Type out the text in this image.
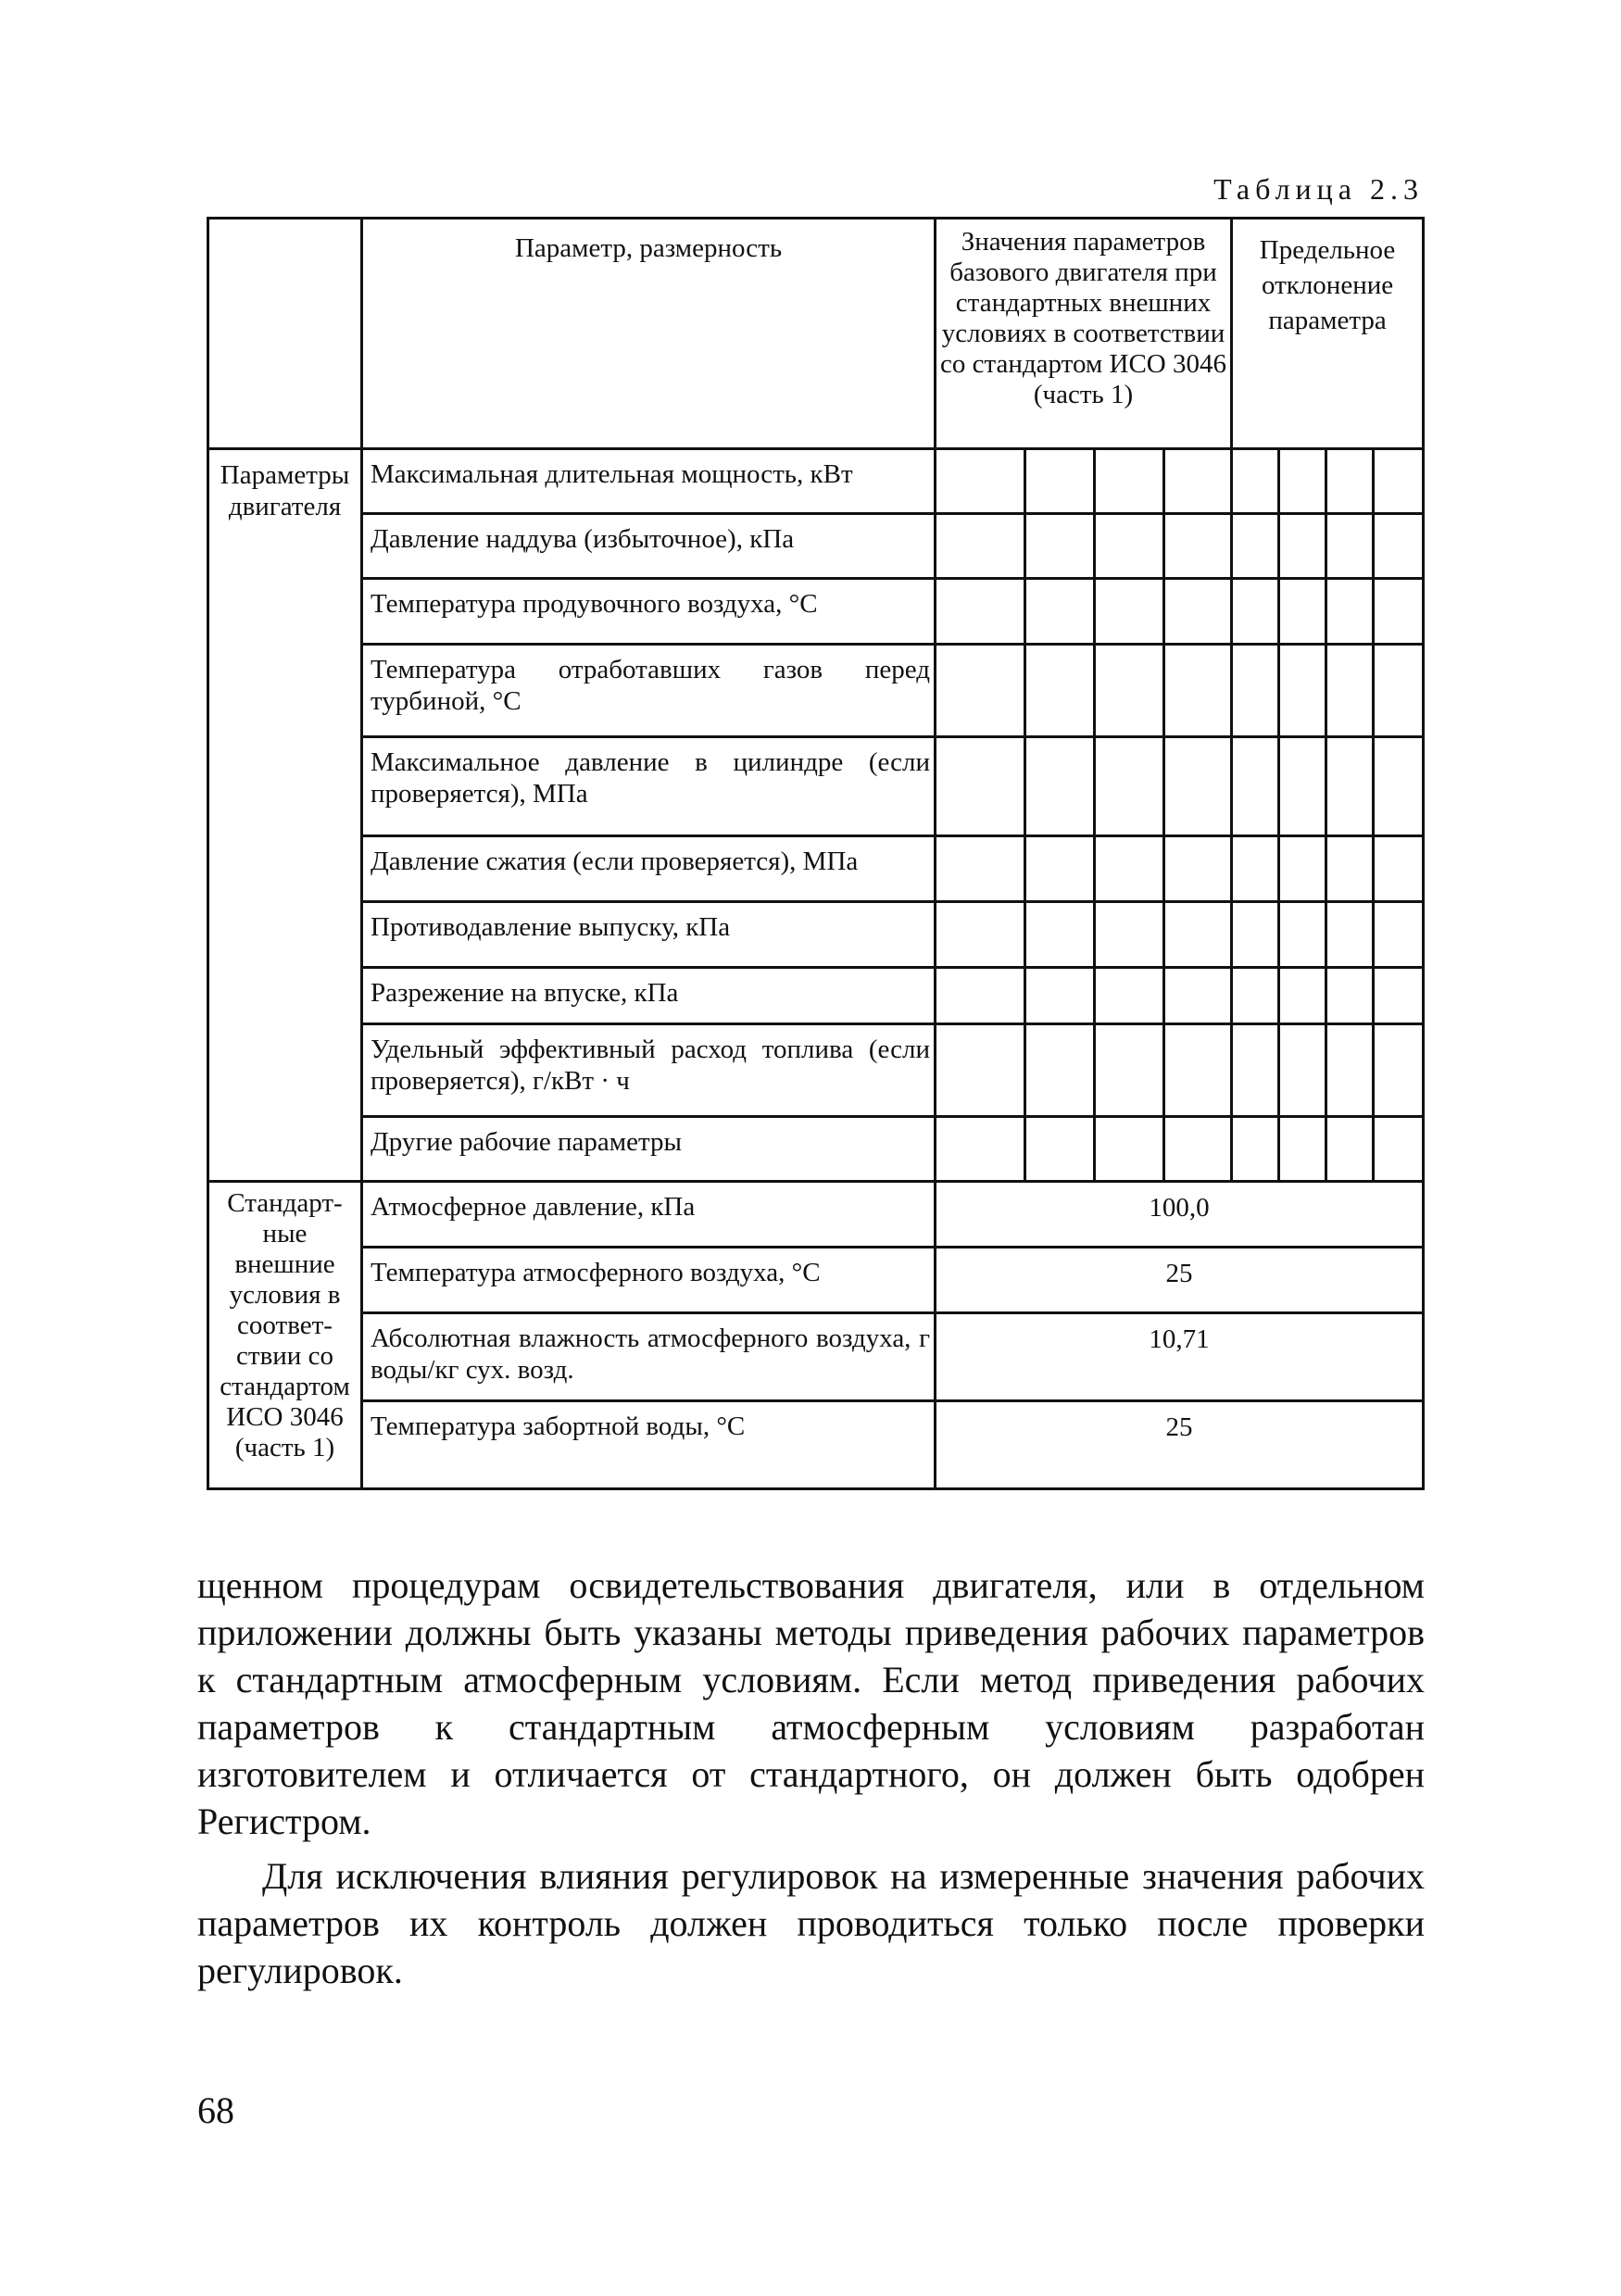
Таблица 2.3
	Параметр, размерность	Значения параметров базового двигателя при стандартных внешних условиях в соответствии со стандартом ИСО 3046 (часть 1)				Предельное отклонение параметра			
Параметры двигателя	Максимальная длительная мощность, кВт								
	Давление наддува (избыточное), кПа								
	Температура продувочного воздуха, °С								
	Температура отработавших газов перед турбиной, °С								
	Максимальное давление в цилиндре (если проверяется), МПа								
	Давление сжатия (если проверяется), МПа								
	Противодавление выпуску, кПа								
	Разрежение на впуске, кПа								
	Удельный эффективный расход топлива (если проверяется), г/кВт · ч								
	Другие рабочие параметры								
Стандарт-ные внешние условия в соответ-ствии со стандартом ИСО 3046 (часть 1)	Атмосферное давление, кПа	100,0							
	Температура атмосферного воздуха, °С	25							
	Абсолютная влажность атмосферного воздуха, г воды/кг сух. возд.	10,71							
	Температура забортной воды, °С	25							

щенном процедурам освидетельствования двигателя, или в отдельном приложении должны быть указаны методы приведения рабочих параметров к стандартным атмосферным условиям. Если метод приведения рабочих параметров к стандартным атмосферным условиям разработан изготовителем и отличается от стандартного, он должен быть одобрен Регистром.

Для исключения влияния регулировок на измеренные значения рабочих параметров их контроль должен проводиться только после проверки регулировок.

68
